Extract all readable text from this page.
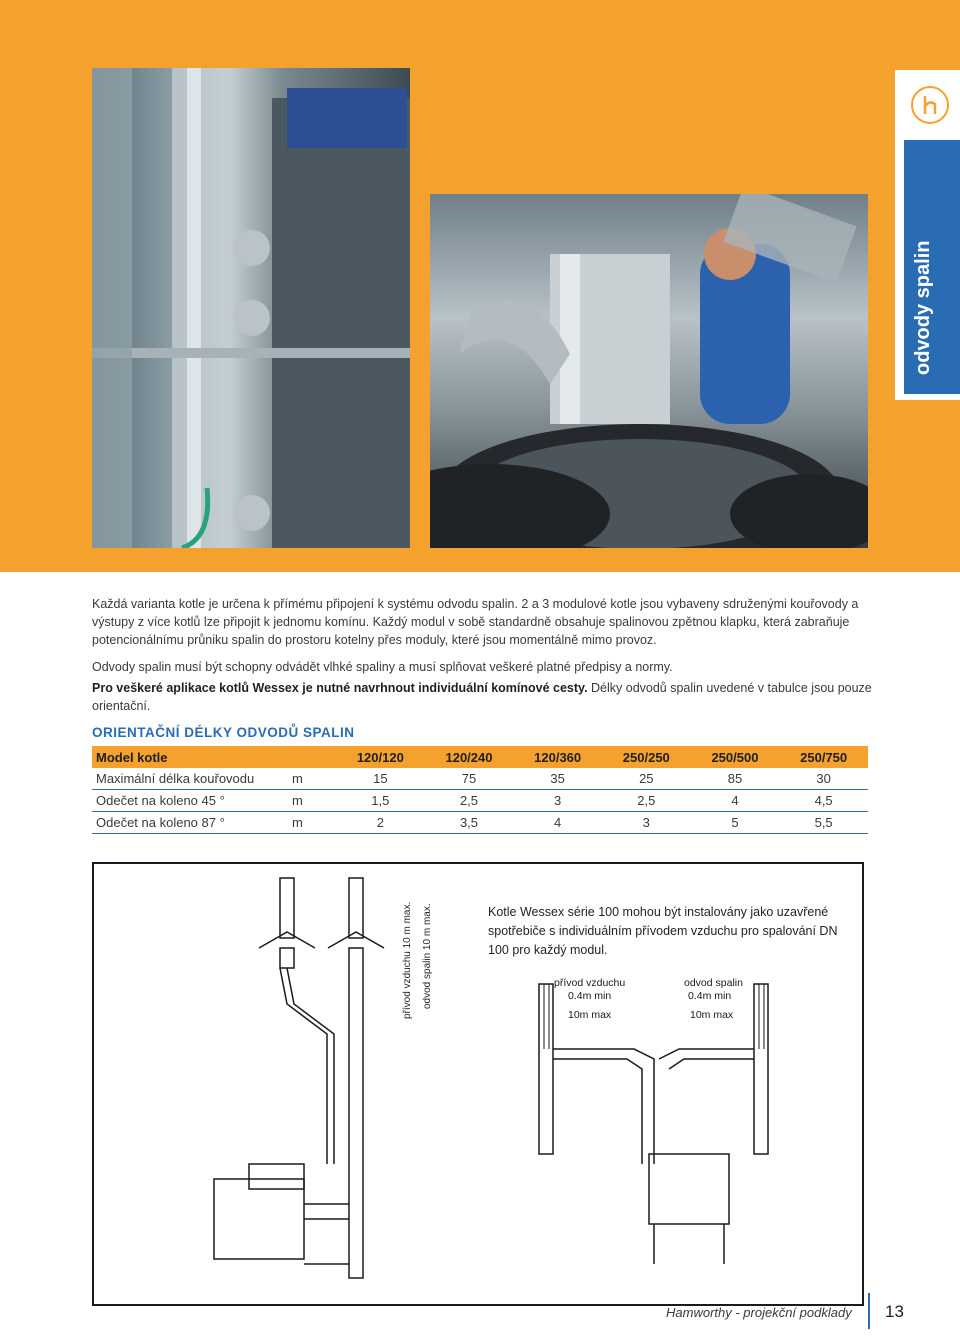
odvody spalin
Každá varianta kotle je určena k přímému připojení k systému odvodu spalin. 2 a 3 modulové kotle jsou vybaveny sdruženými kouřovody a výstupy z více kotlů lze připojit k jednomu komínu. Každý modul v sobě standardně obsahuje spalinovou zpětnou klapku, která zabraňuje potencionálnímu průniku spalin do prostoru kotelny přes moduly, které jsou momentálně mimo provoz.
Odvody spalin musí být schopny odvádět vlhké spaliny a musí splňovat veškeré platné předpisy a normy.
Pro veškeré aplikace kotlů Wessex je nutné navrhnout individuální komínové cesty. Délky odvodů spalin uvedené v tabulce jsou pouze orientační.
ORIENTAČNÍ DÉLKY ODVODŮ SPALIN
Model kotle		120/120	120/240	120/360	250/250	250/500	250/750
Maximální délka kouřovodu	m	15	75	35	25	85	30
Odečet na koleno 45 °	m	1,5	2,5	3	2,5	4	4,5
Odečet na koleno 87 °	m	2	3,5	4	3	5	5,5
přívod vzduchu 10 m max. odvod spalin 10 m max.	přívod vzduchu
0.4m min
10m max
odvod spalin
0.4m min
10m max
Kotle Wessex série 100 mohou být instalovány jako uzavřené spotřebiče s individuálním přívodem vzduchu pro spalování DN 100 pro každý modul.
Hamworthy - projekční podklady 13
